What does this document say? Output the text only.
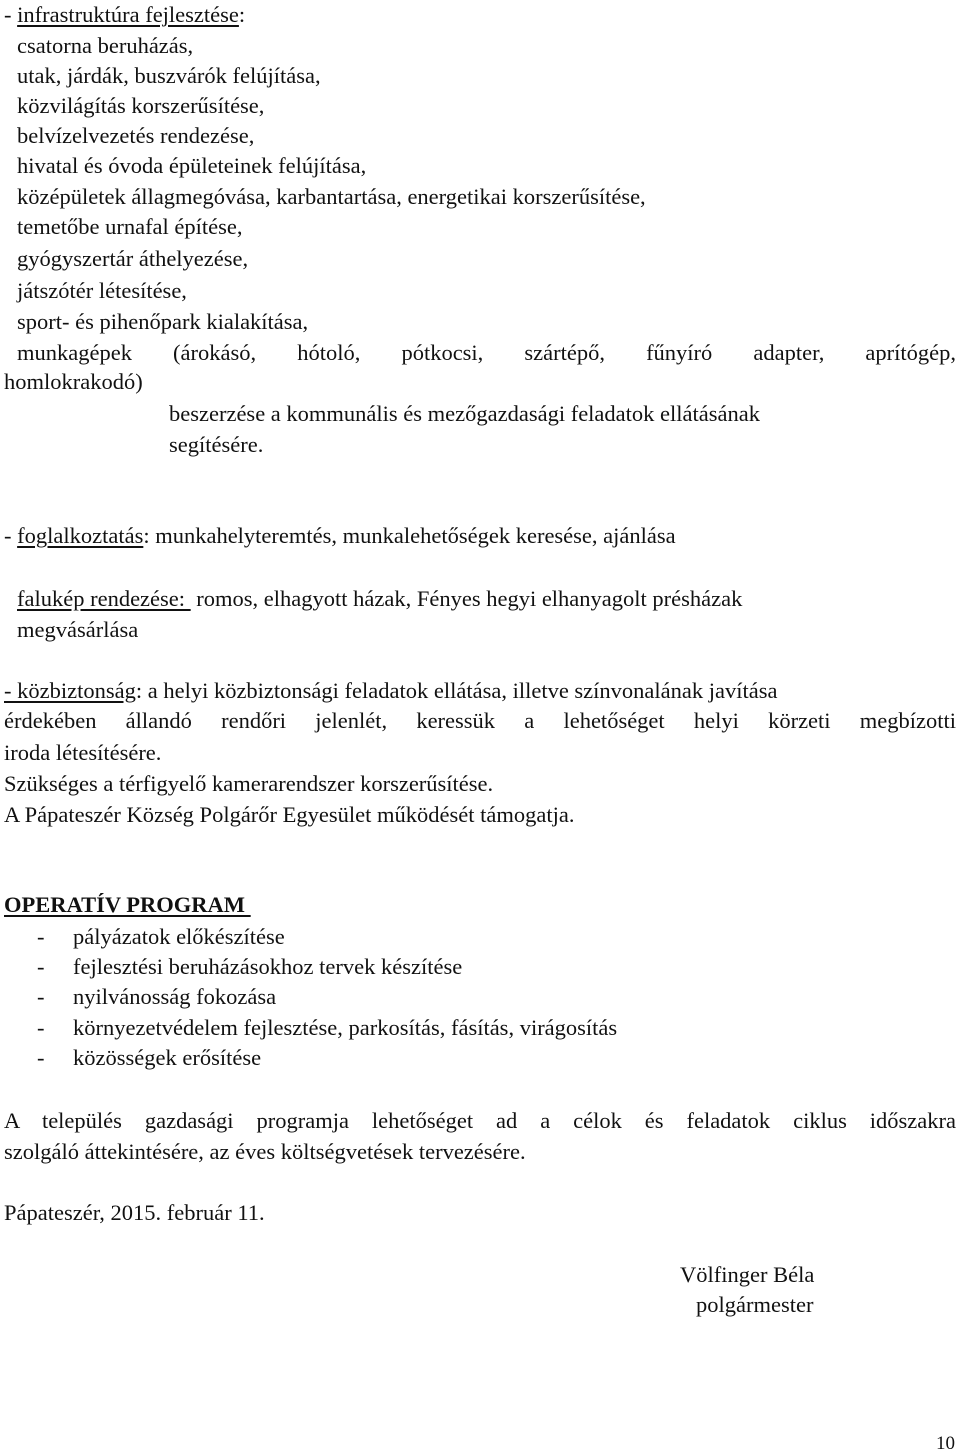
- infrastruktúra fejlesztése:
csatorna beruházás,
utak, járdák, buszvárók felújítása,
közvilágítás korszerűsítése,
belvízelvezetés rendezése,
hivatal és óvoda épületeinek felújítása,
középületek állagmegóvása, karbantartása, energetikai korszerűsítése,
temetőbe urnafal építése,
gyógyszertár áthelyezése,
játszótér létesítése,
sport- és pihenőpark kialakítása,
munkagépek (árokásó, hótoló, pótkocsi, szártépő, fűnyíró adapter, aprítógép,
homlokrakodó)
beszerzése a kommunális és mezőgazdasági feladatok ellátásának
segítésére.
- foglalkoztatás: munkahelyteremtés, munkalehetőségek keresése, ajánlása
falukép rendezése:  romos, elhagyott házak, Fényes hegyi elhanyagolt présházak
megvásárlása
- közbiztonság: a helyi közbiztonsági feladatok ellátása, illetve színvonalának javítása
érdekében állandó rendőri jelenlét, keressük a lehetőséget helyi körzeti megbízotti
iroda létesítésére.
Szükséges a térfigyelő kamerarendszer korszerűsítése.
A Pápateszér Község Polgárőr Egyesület működését támogatja.
OPERATÍV PROGRAM
- pályázatok előkészítése
- fejlesztési beruházásokhoz tervek készítése
- nyilvánosság fokozása
- környezetvédelem fejlesztése, parkosítás, fásítás, virágosítás
- közösségek erősítése
A település gazdasági programja lehetőséget ad a célok és feladatok ciklus időszakra
szolgáló áttekintésére, az éves költségvetések tervezésére.
Pápateszér, 2015. február 11.
Völfinger Béla
polgármester
10
